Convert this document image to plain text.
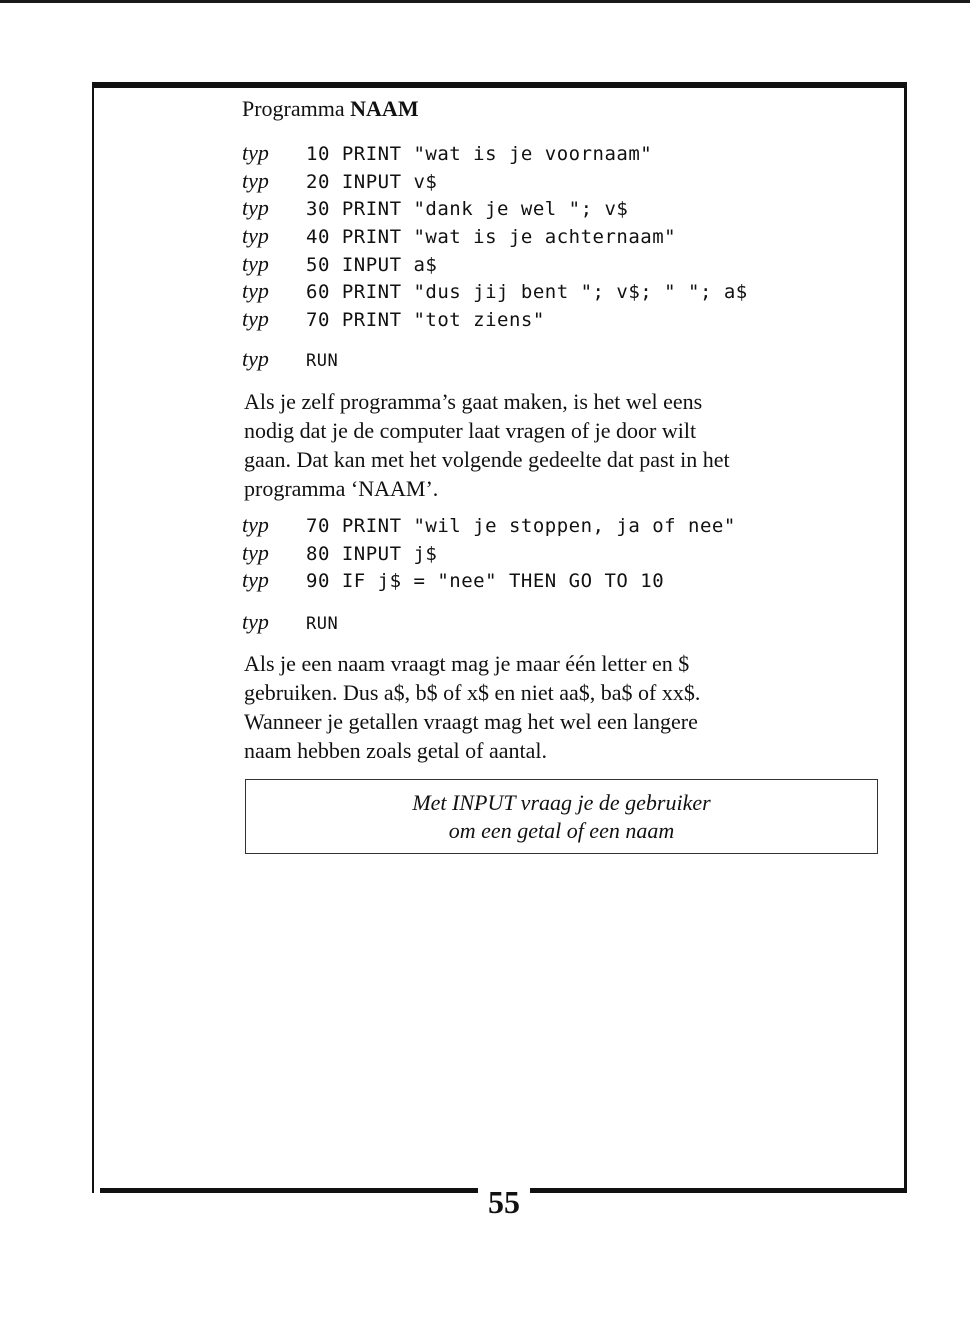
Programma NAAM
typ 10 PRINT "wat is je voornaam"
typ 20 INPUT v$
typ 30 PRINT "dank je wel "; v$
typ 40 PRINT "wat is je achternaam"
typ 50 INPUT a$
typ 60 PRINT "dus jij bent "; v$; " "; a$
typ 70 PRINT "tot ziens"
typ RUN
Als je zelf programma’s gaat maken, is het wel eens
nodig dat je de computer laat vragen of je door wilt
gaan. Dat kan met het volgende gedeelte dat past in het
programma ‘NAAM’.
typ 70 PRINT "wil je stoppen, ja of nee"
typ 80 INPUT j$
typ 90 IF j$ = "nee" THEN GO TO 10
typ RUN
Als je een naam vraagt mag je maar één letter en $
gebruiken. Dus a$, b$ of x$ en niet aa$, ba$ of xx$.
Wanneer je getallen vraagt mag het wel een langere
naam hebben zoals getal of aantal.
Met INPUT vraag je de gebruiker
om een getal of een naam
55
